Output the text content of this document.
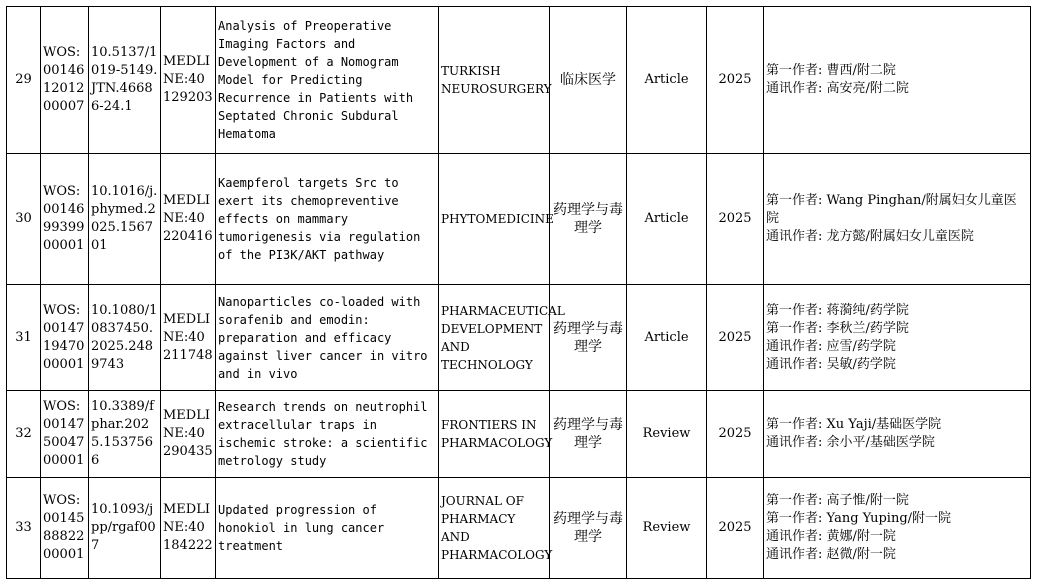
29	WOS:001461201200007	10.5137/1019-5149.JTN.46686-24.1	MEDLINE:40129203	Analysis of Preoperative Imaging Factors and Development of a Nomogram Model for Predicting Recurrence in Patients with Septated Chronic Subdural Hematoma	TURKISH NEUROSURGERY	临床医学	Article	2025	第一作者: 曹西/附二院
通讯作者: 高安亮/附二院

30	WOS:001469939900001	10.1016/j.phymed.2025.156701	MEDLINE:40220416	Kaempferol targets Src to exert its chemopreventive effects on mammary tumorigenesis via regulation of the PI3K/AKT pathway	PHYTOMEDICINE	药理学与毒理学	Article	2025	第一作者: Wang Pinghan/附属妇女儿童医院
通讯作者: 龙方懿/附属妇女儿童医院

31	WOS:001471947000001	10.1080/10837450.2025.2489743	MEDLINE:40211748	Nanoparticles co-loaded with sorafenib and emodin: preparation and efficacy against liver cancer in vitro and in vivo	PHARMACEUTICAL DEVELOPMENT AND TECHNOLOGY	药理学与毒理学	Article	2025	第一作者: 蒋漪纯/药学院
第一作者: 李秋兰/药学院
通讯作者: 应雪/药学院
通讯作者: 吴敏/药学院

32	WOS:001475004700001	10.3389/fphar.2025.1537566	MEDLINE:40290435	Research trends on neutrophil extracellular traps in ischemic stroke: a scientific metrology study	FRONTIERS IN PHARMACOLOGY	药理学与毒理学	Review	2025	第一作者: Xu Yaji/基础医学院
通讯作者: 余小平/基础医学院

33	WOS:001458882200001	10.1093/jpp/rgaf007	MEDLINE:40184222	Updated progression of honokiol in lung cancer treatment	JOURNAL OF PHARMACY AND PHARMACOLOGY	药理学与毒理学	Review	2025	第一作者: 高子惟/附一院
第一作者: Yang Yuping/附一院
通讯作者: 黄娜/附一院
通讯作者: 赵微/附一院
